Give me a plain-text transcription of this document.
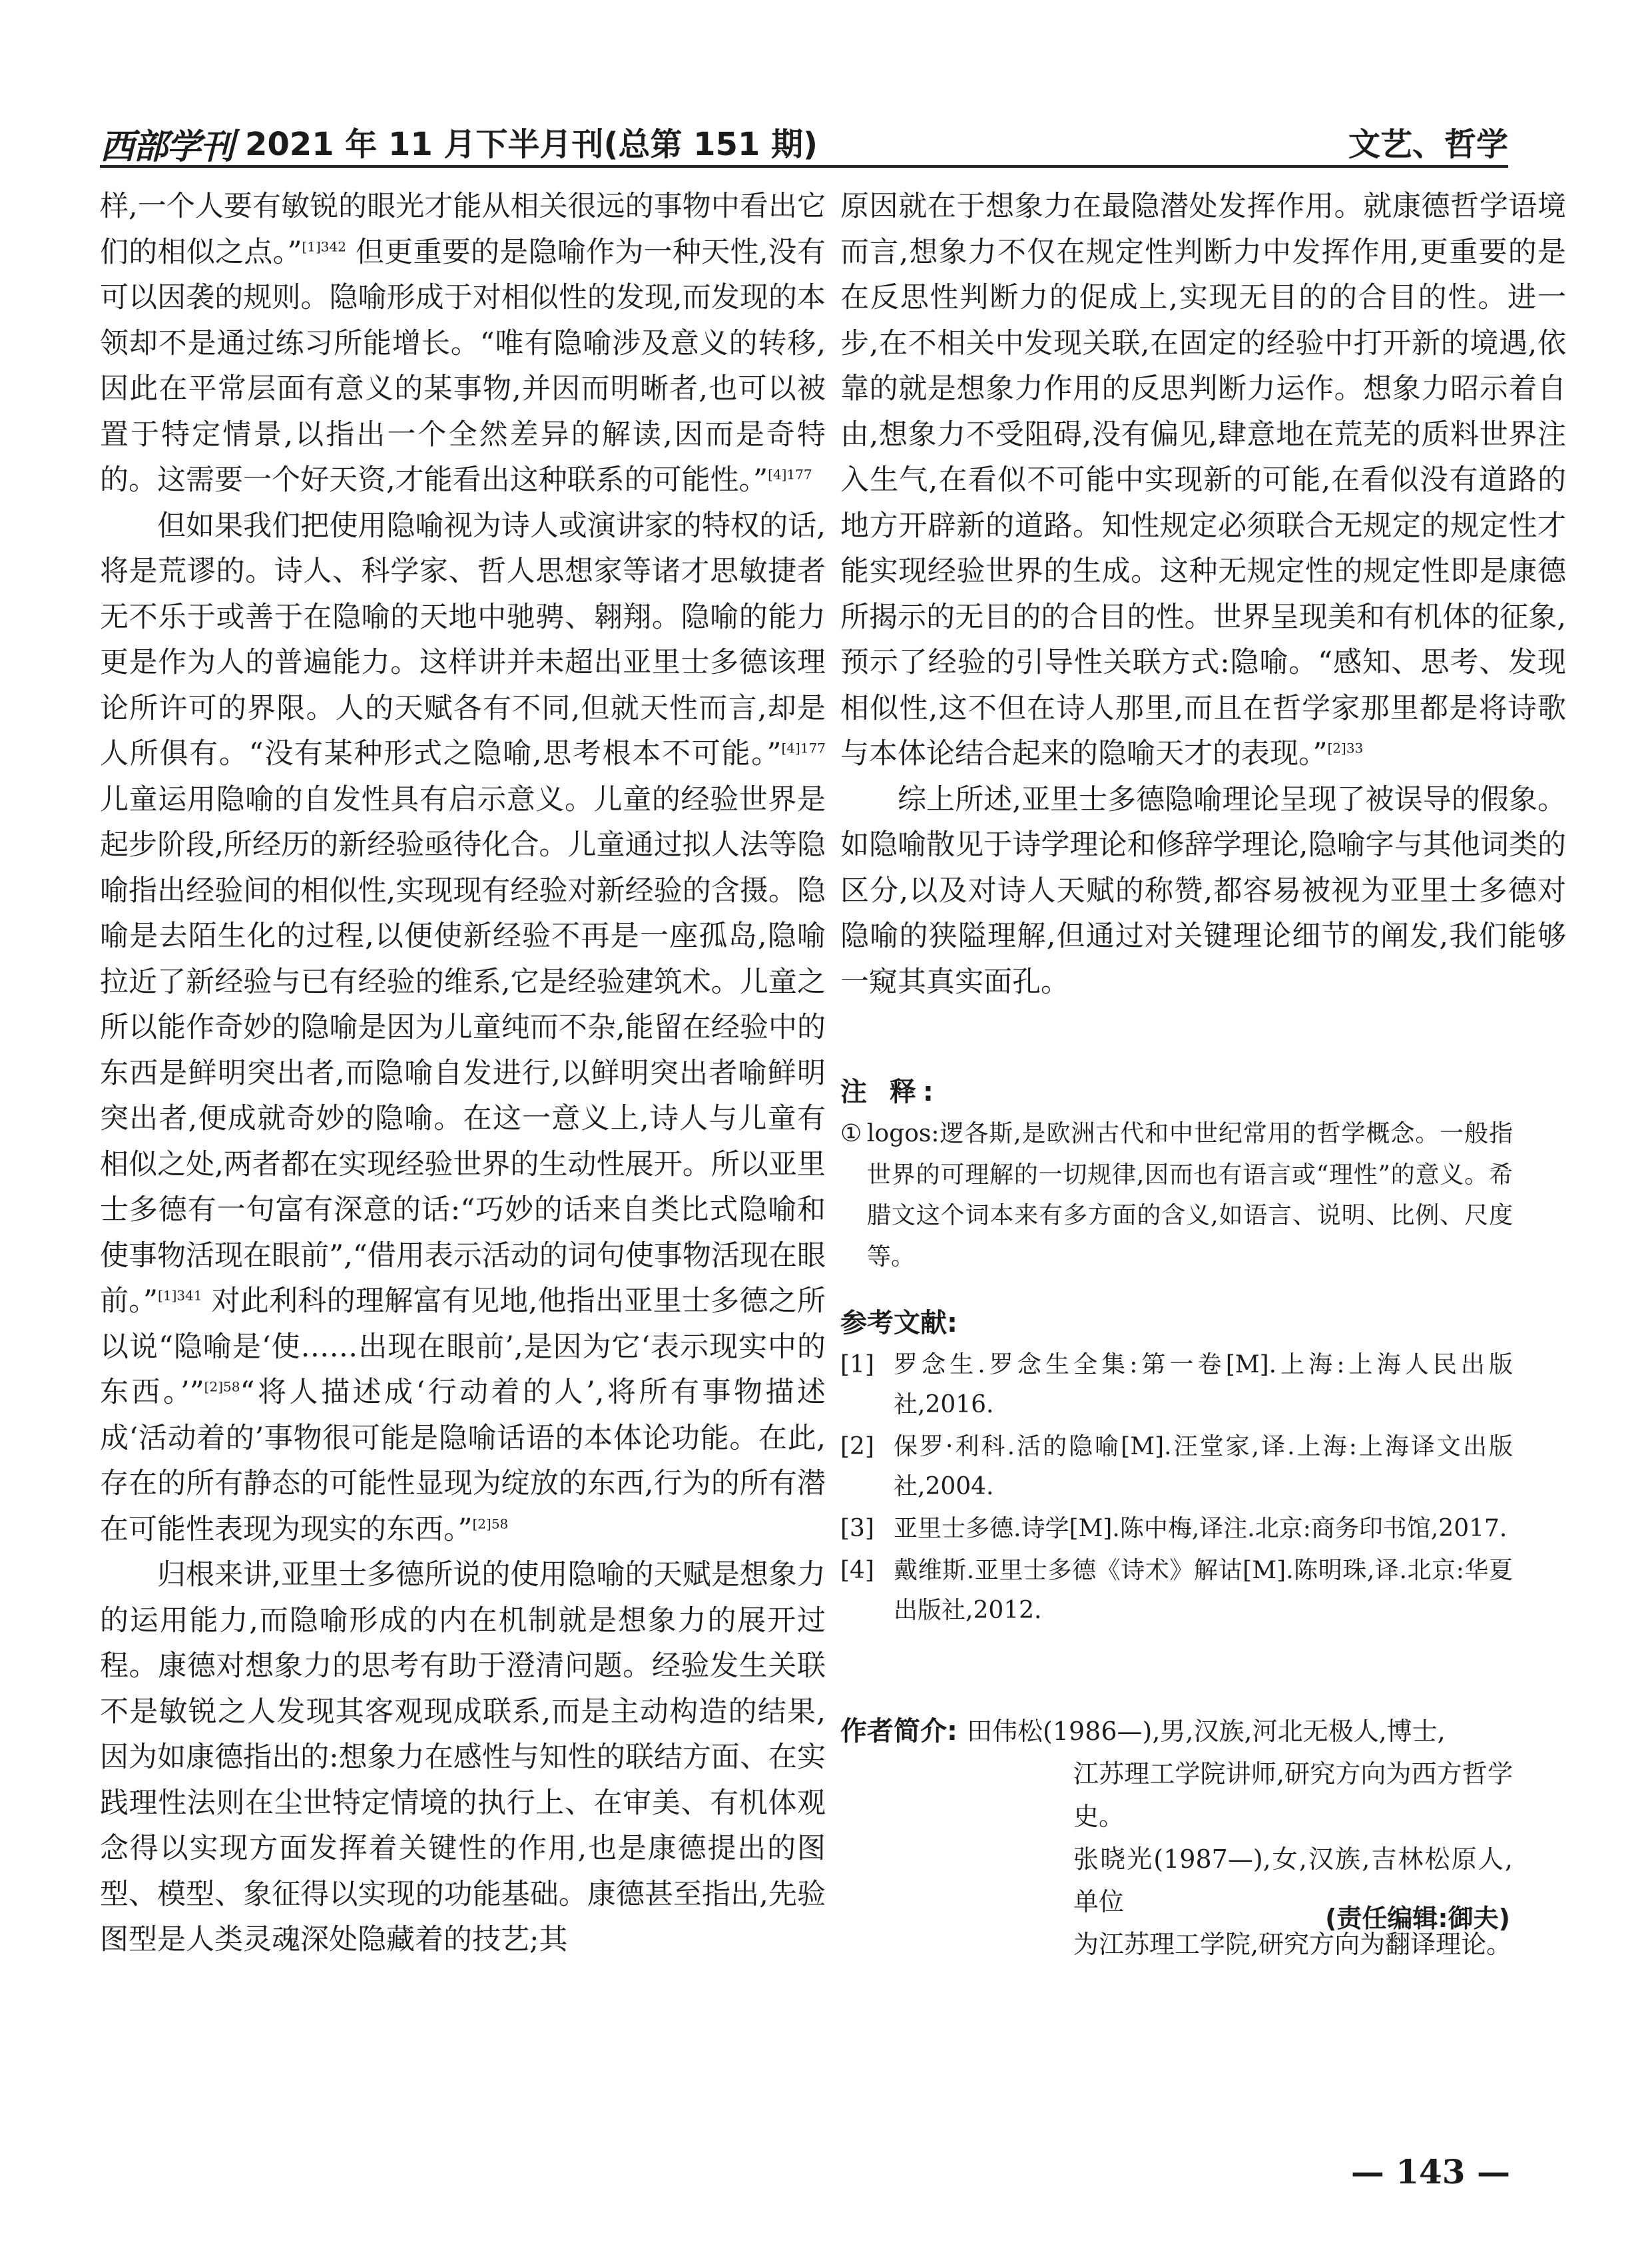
西部学刊 2021 年 11 月下半月刊(总第 151 期)	文艺、哲学

样,一个人要有敏锐的眼光才能从相关很远的事物中看出它们的相似之点。”$^{[1]342}$ 但更重要的是隐喻作为一种天性,没有可以因袭的规则。隐喻形成于对相似性的发现,而发现的本领却不是通过练习所能增长。“唯有隐喻涉及意义的转移,因此在平常层面有意义的某事物,并因而明晰者,也可以被置于特定情景,以指出一个全然差异的解读,因而是奇特的。这需要一个好天资,才能看出这种联系的可能性。”$^{[4]177}$

但如果我们把使用隐喻视为诗人或演讲家的特权的话,将是荒谬的。诗人、科学家、哲人思想家等诸才思敏捷者无不乐于或善于在隐喻的天地中驰骋、翱翔。隐喻的能力更是作为人的普遍能力。这样讲并未超出亚里士多德该理论所许可的界限。人的天赋各有不同,但就天性而言,却是人所俱有。“没有某种形式之隐喻,思考根本不可能。”$^{[4]177}$ 儿童运用隐喻的自发性具有启示意义。儿童的经验世界是起步阶段,所经历的新经验亟待化合。儿童通过拟人法等隐喻指出经验间的相似性,实现现有经验对新经验的含摄。隐喻是去陌生化的过程,以便使新经验不再是一座孤岛,隐喻拉近了新经验与已有经验的维系,它是经验建筑术。儿童之所以能作奇妙的隐喻是因为儿童纯而不杂,能留在经验中的东西是鲜明突出者,而隐喻自发进行,以鲜明突出者喻鲜明突出者,便成就奇妙的隐喻。在这一意义上,诗人与儿童有相似之处,两者都在实现经验世界的生动性展开。所以亚里士多德有一句富有深意的话:“巧妙的话来自类比式隐喻和使事物活现在眼前”,“借用表示活动的词句使事物活现在眼前。”$^{[1]341}$ 对此利科的理解富有见地,他指出亚里士多德之所以说“隐喻是‘使……出现在眼前’,是因为它‘表示现实中的东西。’”$^{[2]58}$“将人描述成‘行动着的人’,将所有事物描述成‘活动着的’事物很可能是隐喻话语的本体论功能。在此,存在的所有静态的可能性显现为绽放的东西,行为的所有潜在可能性表现为现实的东西。”$^{[2]58}$

归根来讲,亚里士多德所说的使用隐喻的天赋是想象力的运用能力,而隐喻形成的内在机制就是想象力的展开过程。康德对想象力的思考有助于澄清问题。经验发生关联不是敏锐之人发现其客观现成联系,而是主动构造的结果,因为如康德指出的:想象力在感性与知性的联结方面、在实践理性法则在尘世特定情境的执行上、在审美、有机体观念得以实现方面发挥着关键性的作用,也是康德提出的图型、模型、象征得以实现的功能基础。康德甚至指出,先验图型是人类灵魂深处隐藏着的技艺;其

原因就在于想象力在最隐潜处发挥作用。就康德哲学语境而言,想象力不仅在规定性判断力中发挥作用,更重要的是在反思性判断力的促成上,实现无目的的合目的性。进一步,在不相关中发现关联,在固定的经验中打开新的境遇,依靠的就是想象力作用的反思判断力运作。想象力昭示着自由,想象力不受阻碍,没有偏见,肆意地在荒芜的质料世界注入生气,在看似不可能中实现新的可能,在看似没有道路的地方开辟新的道路。知性规定必须联合无规定的规定性才能实现经验世界的生成。这种无规定性的规定性即是康德所揭示的无目的的合目的性。世界呈现美和有机体的征象,预示了经验的引导性关联方式:隐喻。“感知、思考、发现相似性,这不但在诗人那里,而且在哲学家那里都是将诗歌与本体论结合起来的隐喻天才的表现。”$^{[2]33}$

综上所述,亚里士多德隐喻理论呈现了被误导的假象。如隐喻散见于诗学理论和修辞学理论,隐喻字与其他词类的区分,以及对诗人天赋的称赞,都容易被视为亚里士多德对隐喻的狭隘理解,但通过对关键理论细节的阐发,我们能够一窥其真实面孔。

注 释:
① logos:逻各斯,是欧洲古代和中世纪常用的哲学概念。一般指世界的可理解的一切规律,因而也有语言或“理性”的意义。希腊文这个词本来有多方面的含义,如语言、说明、比例、尺度等。
参考文献:
[1] 罗念生.罗念生全集:第一卷[M].上海:上海人民出版社,2016.
[2] 保罗·利科.活的隐喻[M].汪堂家,译.上海:上海译文出版社,2004.
[3] 亚里士多德.诗学[M].陈中梅,译注.北京:商务印书馆,2017.
[4] 戴维斯.亚里士多德《诗术》解诂[M].陈明珠,译.北京:华夏出版社,2012.
作者简介: 田伟松(1986—),男,汉族,河北无极人,博士,
江苏理工学院讲师,研究方向为西方哲学史。
张晓光(1987—),女,汉族,吉林松原人,单位
为江苏理工学院,研究方向为翻译理论。
(责任编辑:御夫)
— 143 —
